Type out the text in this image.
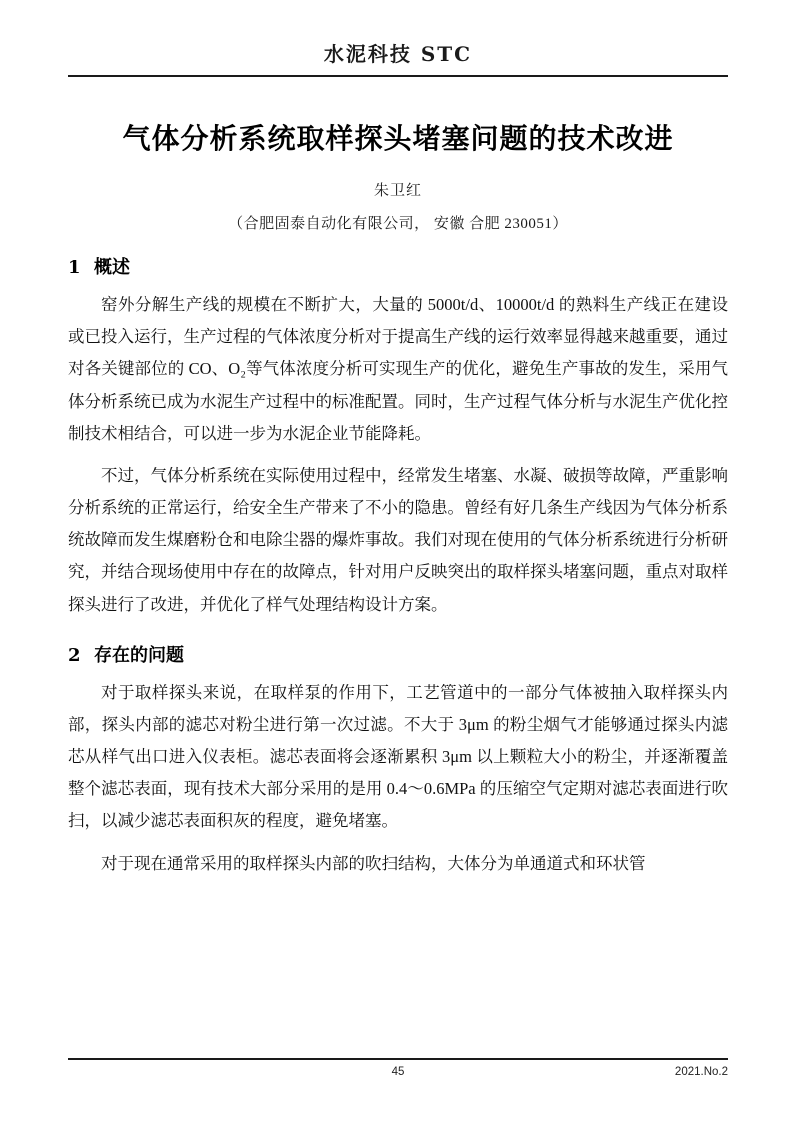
水泥科技 STC
气体分析系统取样探头堵塞问题的技术改进
朱卫红
（合肥固泰自动化有限公司， 安徽 合肥 230051）
1 概述

窑外分解生产线的规模在不断扩大，大量的 5000t/d、10000t/d 的熟料生产线正在建设或已投入运行，生产过程的气体浓度分析对于提高生产线的运行效率显得越来越重要，通过对各关键部位的 CO、O₂等气体浓度分析可实现生产的优化，避免生产事故的发生，采用气体分析系统已成为水泥生产过程中的标准配置。同时，生产过程气体分析与水泥生产优化控制技术相结合，可以进一步为水泥企业节能降耗。

不过，气体分析系统在实际使用过程中，经常发生堵塞、水凝、破损等故障，严重影响分析系统的正常运行，给安全生产带来了不小的隐患。曾经有好几条生产线因为气体分析系统故障而发生煤磨粉仓和电除尘器的爆炸事故。我们对现在使用的气体分析系统进行分析研究，并结合现场使用中存在的故障点，针对用户反映突出的取样探头堵塞问题，重点对取样探头进行了改进，并优化了样气处理结构设计方案。

2 存在的问题

对于取样探头来说，在取样泵的作用下，工艺管道中的一部分气体被抽入取样探头内部，探头内部的滤芯对粉尘进行第一次过滤。不大于 3μm 的粉尘烟气才能够通过探头内滤芯从样气出口进入仪表柜。滤芯表面将会逐渐累积 3μm 以上颗粒大小的粉尘，并逐渐覆盖整个滤芯表面，现有技术大部分采用的是用 0.4～0.6MPa 的压缩空气定期对滤芯表面进行吹扫，以减少滤芯表面积灰的程度，避免堵塞。

对于现在通常采用的取样探头内部的吹扫结构，大体分为单通道式和环状管

45	2021.No.2
